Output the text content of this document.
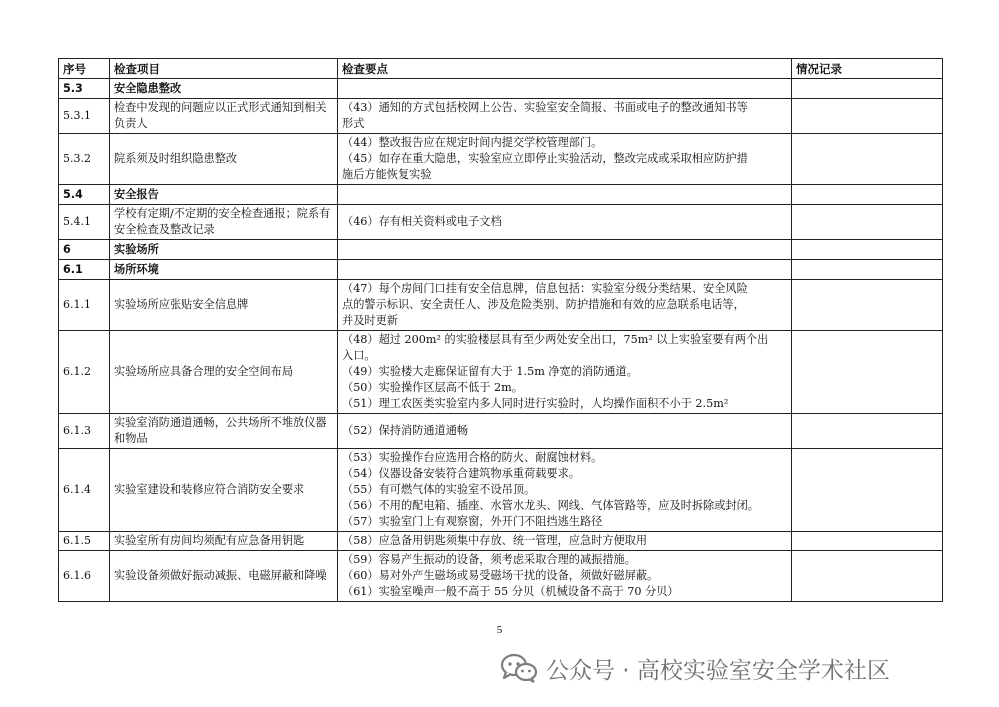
序号	检查项目	检查要点	情况记录
5.3	安全隐患整改		
5.3.1	检查中发现的问题应以正式形式通知到相关负责人	（43）通知的方式包括校网上公告、实验室安全简报、书面或电子的整改通知书等
形式	

5.3.2	院系须及时组织隐患整改	（44）整改报告应在规定时间内提交学校管理部门。
（45）如存在重大隐患，实验室应立即停止实验活动，整改完成或采取相应防护措
施后方能恢复实验	

5.4	安全报告		
5.4.1	学校有定期/不定期的安全检查通报；院系有安全检查及整改记录	（46）存有相关资料或电子文档	

6	实验场所		
6.1	场所环境		
6.1.1	实验场所应张贴安全信息牌	（47）每个房间门口挂有安全信息牌，信息包括：实验室分级分类结果、安全风险
点的警示标识、安全责任人、涉及危险类别、防护措施和有效的应急联系电话等，
并及时更新	

6.1.2	实验场所应具备合理的安全空间布局	（48）超过 200m² 的实验楼层具有至少两处安全出口，75m² 以上实验室要有两个出
入口。
（49）实验楼大走廊保证留有大于 1.5m 净宽的消防通道。
（50）实验操作区层高不低于 2m。
（51）理工农医类实验室内多人同时进行实验时，人均操作面积不小于 2.5m²	

6.1.3	实验室消防通道通畅，公共场所不堆放仪器和物品	（52）保持消防通道通畅	

6.1.4	实验室建设和装修应符合消防安全要求	（53）实验操作台应选用合格的防火、耐腐蚀材料。
（54）仪器设备安装符合建筑物承重荷载要求。
（55）有可燃气体的实验室不设吊顶。
（56）不用的配电箱、插座、水管水龙头、网线、气体管路等，应及时拆除或封闭。
（57）实验室门上有观察窗，外开门不阻挡逃生路径	

6.1.5	实验室所有房间均须配有应急备用钥匙	（58）应急备用钥匙须集中存放、统一管理，应急时方便取用	

6.1.6	实验设备须做好振动减振、电磁屏蔽和降噪	（59）容易产生振动的设备，须考虑采取合理的减振措施。
（60）易对外产生磁场或易受磁场干扰的设备，须做好磁屏蔽。
（61）实验室噪声一般不高于 55 分贝（机械设备不高于 70 分贝）	

5
公众号 · 高校实验室安全学术社区
